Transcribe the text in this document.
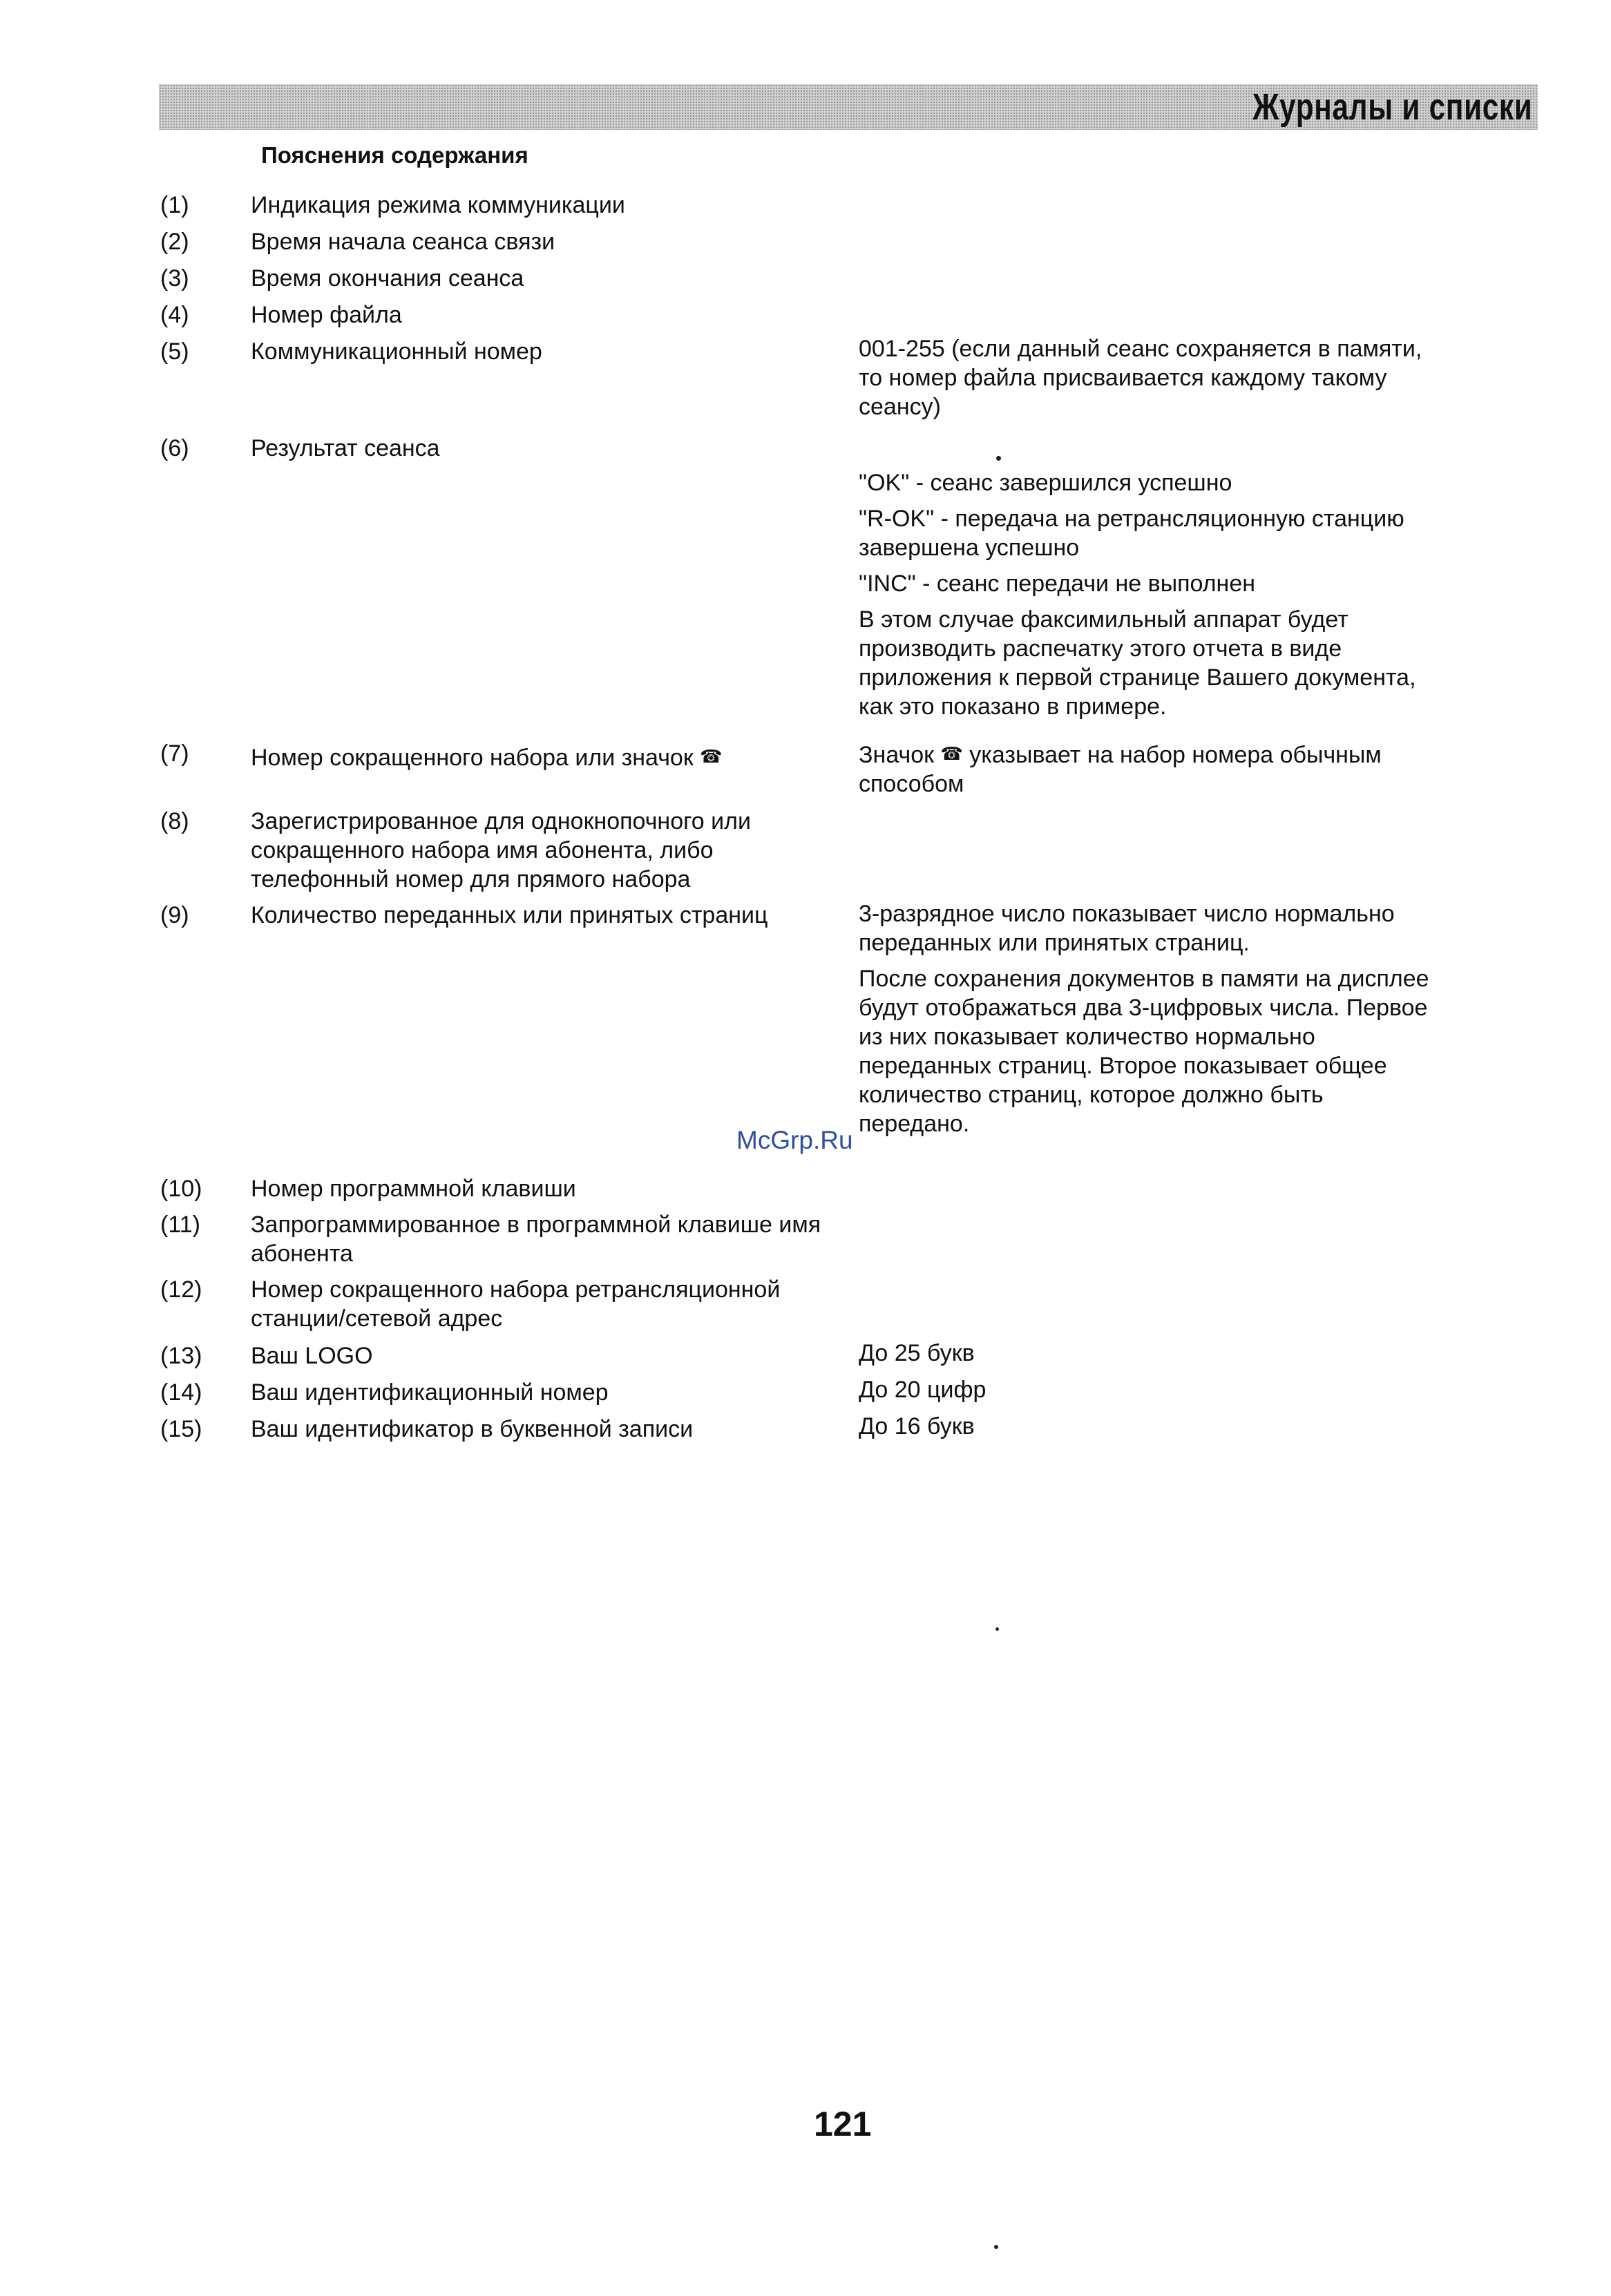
Журналы и списки
Пояснения содержания
(1)	Индикация режима коммуникации
(2)	Время начала сеанса связи
(3)	Время окончания сеанса
(4)	Номер файла
(5)	Коммуникационный номер	001-255 (если данный сеанс сохраняется в памяти, то номер файла присваивается каждому такому сеансу)

(6)	Результат сеанса

"OK" - сеанс завершился успешно

"R-OK" - передача на ретрансляционную станцию завершена успешно

"INC" - сеанс передачи не выполнен

В этом случае факсимильный аппарат будет производить распечатку этого отчета в виде приложения к первой странице Вашего документа, как это показано в примере.

(7)	Номер сокращенного набора или значок ☎	Значок ☎ указывает на набор номера обычным способом

(8)	Зарегистрированное для однокнопочного или сокращенного набора имя абонента, либо телефонный номер для прямого набора
(9)	Количество переданных или принятых страниц	3-разрядное число показывает число нормально переданных или принятых страниц.

После сохранения документов в памяти на дисплее будут отображаться два 3-цифровых числа. Первое из них показывает количество нормально переданных страниц. Второе показывает общее количество страниц, которое должно быть передано.

(10)	Номер программной клавиши
(11)	Запрограммированное в программной клавише имя абонента
(12)	Номер сокращенного набора ретрансляционной станции/сетевой адрес
(13)	Ваш LOGO	До 25 букв

(14)	Ваш идентификационный номер	До 20 цифр

(15)	Ваш идентификатор в буквенной записи	До 16 букв

McGrp.Ru

121
